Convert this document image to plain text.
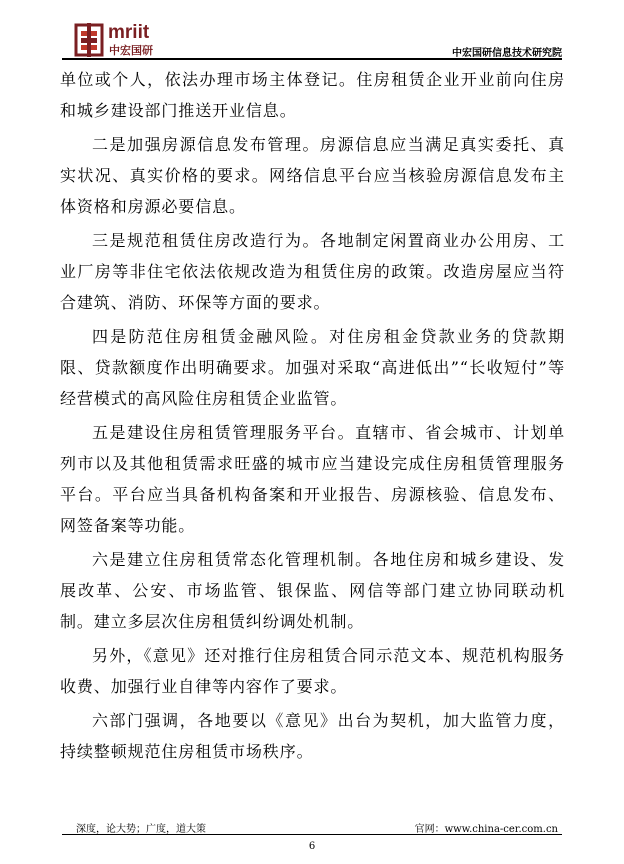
mriit
中宏国研	中宏国研信息技术研究院

单位或个人，依法办理市场主体登记。住房租赁企业开业前向住房和城乡建设部门推送开业信息。

二是加强房源信息发布管理。房源信息应当满足真实委托、真实状况、真实价格的要求。网络信息平台应当核验房源信息发布主体资格和房源必要信息。

三是规范租赁住房改造行为。各地制定闲置商业办公用房、工业厂房等非住宅依法依规改造为租赁住房的政策。改造房屋应当符合建筑、消防、环保等方面的要求。

四是防范住房租赁金融风险。对住房租金贷款业务的贷款期限、贷款额度作出明确要求。加强对采取“高进低出”“长收短付”等经营模式的高风险住房租赁企业监管。

五是建设住房租赁管理服务平台。直辖市、省会城市、计划单列市以及其他租赁需求旺盛的城市应当建设完成住房租赁管理服务平台。平台应当具备机构备案和开业报告、房源核验、信息发布、网签备案等功能。

六是建立住房租赁常态化管理机制。各地住房和城乡建设、发展改革、公安、市场监管、银保监、网信等部门建立协同联动机制。建立多层次住房租赁纠纷调处机制。

另外，《意见》还对推行住房租赁合同示范文本、规范机构服务收费、加强行业自律等内容作了要求。

六部门强调，各地要以《意见》出台为契机，加大监管力度，持续整顿规范住房租赁市场秩序。

深度，论大势；广度，道大策	官网：www.china-cer.com.cn
6
